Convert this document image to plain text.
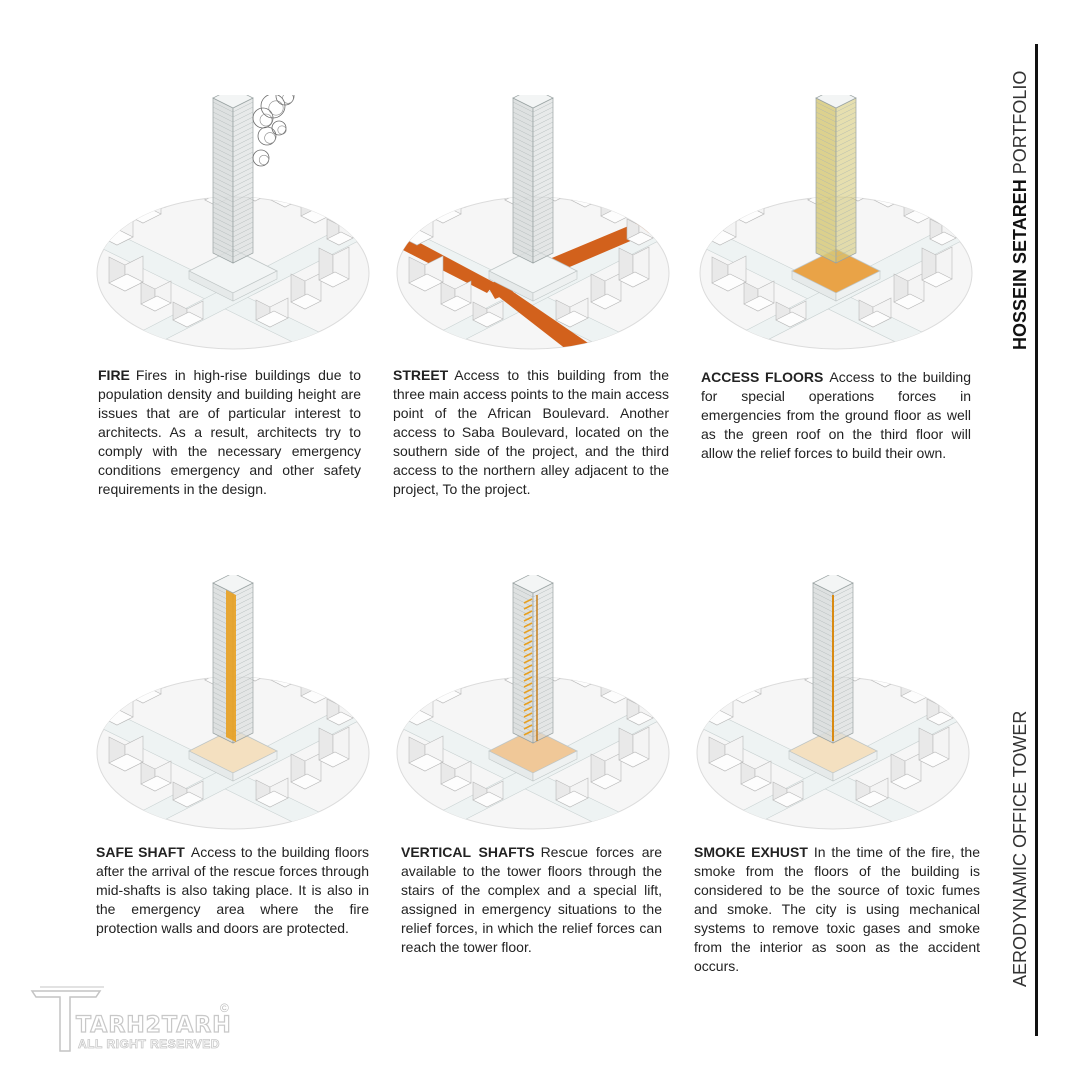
FIRE Fires in high-rise buildings due to population density and building height are issues that are of particular interest to architects. As a result, architects try to comply with the necessary emergency conditions emergency and other safety requirements in the design.
STREET Access to this building from the three main access points to the main access point of the African Boulevard. Another access to Saba Boulevard, located on the southern side of the project, and the third access to the northern alley adjacent to the project, To the project.
ACCESS FLOORS Access to the building for special operations forces in emergencies from the ground floor as well as the green roof on the third floor will allow the relief forces to build their own.
SAFE SHAFT Access to the building floors after the arrival of the rescue forces through mid-shafts is also taking place. It is also in the emergency area where the fire protection walls and doors are protected.
VERTICAL SHAFTS Rescue forces are available to the tower floors through the stairs of the complex and a special lift, assigned in emergency situations to the relief forces, in which the relief forces can reach the tower floor.
SMOKE EXHUST In the time of the fire, the smoke from the floors of the building is considered to be the source of toxic fumes and smoke. The city is using mechanical systems to remove toxic gases and smoke from the interior as soon as the accident occurs.
HOSSEIN SETAREH PORTFOLIO
AERODYNAMIC OFFICE TOWER
TARH2TARH
ALL RIGHT RESERVED
©
